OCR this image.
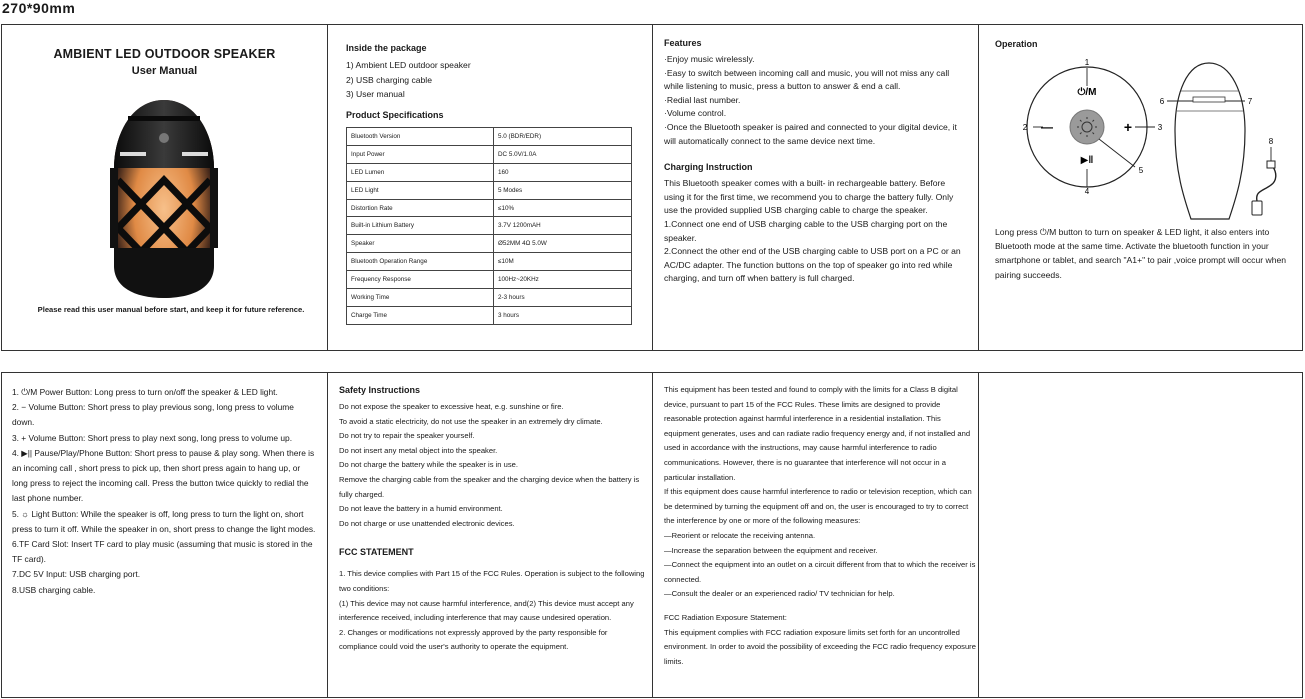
270*90mm
AMBIENT LED OUTDOOR SPEAKER
User Manual
Please read this user manual before start, and keep it for future reference.
Inside the package
1) Ambient LED outdoor speaker
2) USB charging cable
3) User manual
Product Specifications
Bluetooth Version	5.0 (BDR/EDR)
Input Power	DC 5.0V/1.0A
LED Lumen	160
LED Light	5 Modes
Distortion Rate	≤10%
Built-in Lithium Battery	3.7V 1200mAH
Speaker	Ø52MM 4Ω 5.0W
Bluetooth Operation Range	≤10M
Frequency Response	100Hz~20KHz
Working Time	2-3 hours
Charge Time	3 hours
Features
·Enjoy music wirelessly.
·Easy to switch between incoming call and music, you will not miss any call while listening to music, press a button to answer & end a call.
·Redial last number.
·Volume control.
·Once the Bluetooth speaker is paired and connected to your digital device, it will automatically connect to the same device next time.
Charging Instruction
This Bluetooth speaker comes with a built- in rechargeable battery. Before using it for the first time, we recommend you to charge the battery fully. Only use the provided supplied USB charging cable to charge the speaker.
1.Connect one end of USB charging cable to the USB charging port on the speaker.
2.Connect the other end of the USB charging cable to USB port on a PC or an AC/DC adapter. The function buttons on the top of speaker go into red while charging, and turn off when battery is full charged.
Operation
⏻/M
—	+
▶‖
1
2	3
4
5
6	7
8
Long press ⏻/M button to turn on speaker & LED light, it also enters into Bluetooth mode at the same time. Activate the bluetooth function in your smartphone or tablet, and search "A1+" to pair ,voice prompt will occur when pairing succeeds.
1. ⏻/M Power Button: Long press to turn on/off the speaker & LED light.
2. − Volume Button: Short press to play previous song, long press to volume down.
3. + Volume Button: Short press to play next song, long press to volume up.
4. ▶|| Pause/Play/Phone Button: Short press to pause & play song. When there is an incoming call , short press to pick up, then short press again to hang up, or long press to reject the incoming call. Press the button twice quickly to redial the last phone number.
5. ☼ Light Button: While the speaker is off, long press to turn the light on, short press to turn it off. While the speaker in on, short press to change the light modes.
6.TF Card Slot: Insert TF card to play music (assuming that music is stored in the TF card).
7.DC 5V Input: USB charging port.
8.USB charging cable.
Safety Instructions
Do not expose the speaker to excessive heat, e.g. sunshine or fire.
To avoid a static electricity, do not use the speaker in an extremely dry climate.
Do not try to repair the speaker yourself.
Do not insert any metal object into the speaker.
Do not charge the battery while the speaker is in use.
Remove the charging cable from the speaker and the charging device when the battery is fully charged.
Do not leave the battery in a humid environment.
Do not charge or use unattended electronic devices.
FCC STATEMENT
1. This device complies with Part 15 of the FCC Rules. Operation is subject to the following two conditions:
(1) This device may not cause harmful interference, and(2) This device must accept any interference received, including interference that may cause undesired operation.
2. Changes or modifications not expressly approved by the party responsible for compliance could void the user's authority to operate the equipment.
This equipment has been tested and found to comply with the limits for a Class B digital device, pursuant to part 15 of the FCC Rules. These limits are designed to provide reasonable protection against harmful interference in a residential installation. This equipment generates, uses and can radiate radio frequency energy and, if not installed and used in accordance with the instructions, may cause harmful interference to radio communications. However, there is no guarantee that interference will not occur in a particular installation.
If this equipment does cause harmful interference to radio or television reception, which can be determined by turning the equipment off and on, the user is encouraged to try to correct the interference by one or more of the following measures:
—Reorient or relocate the receiving antenna.
—Increase the separation between the equipment and receiver.
—Connect the equipment into an outlet on a circuit different from that to which the receiver is connected.
—Consult the dealer or an experienced radio/ TV technician for help.
FCC Radiation Exposure Statement:
This equipment complies with FCC radiation exposure limits set forth for an uncontrolled environment. In order to avoid the possibility of exceeding the FCC radio frequency exposure limits.
